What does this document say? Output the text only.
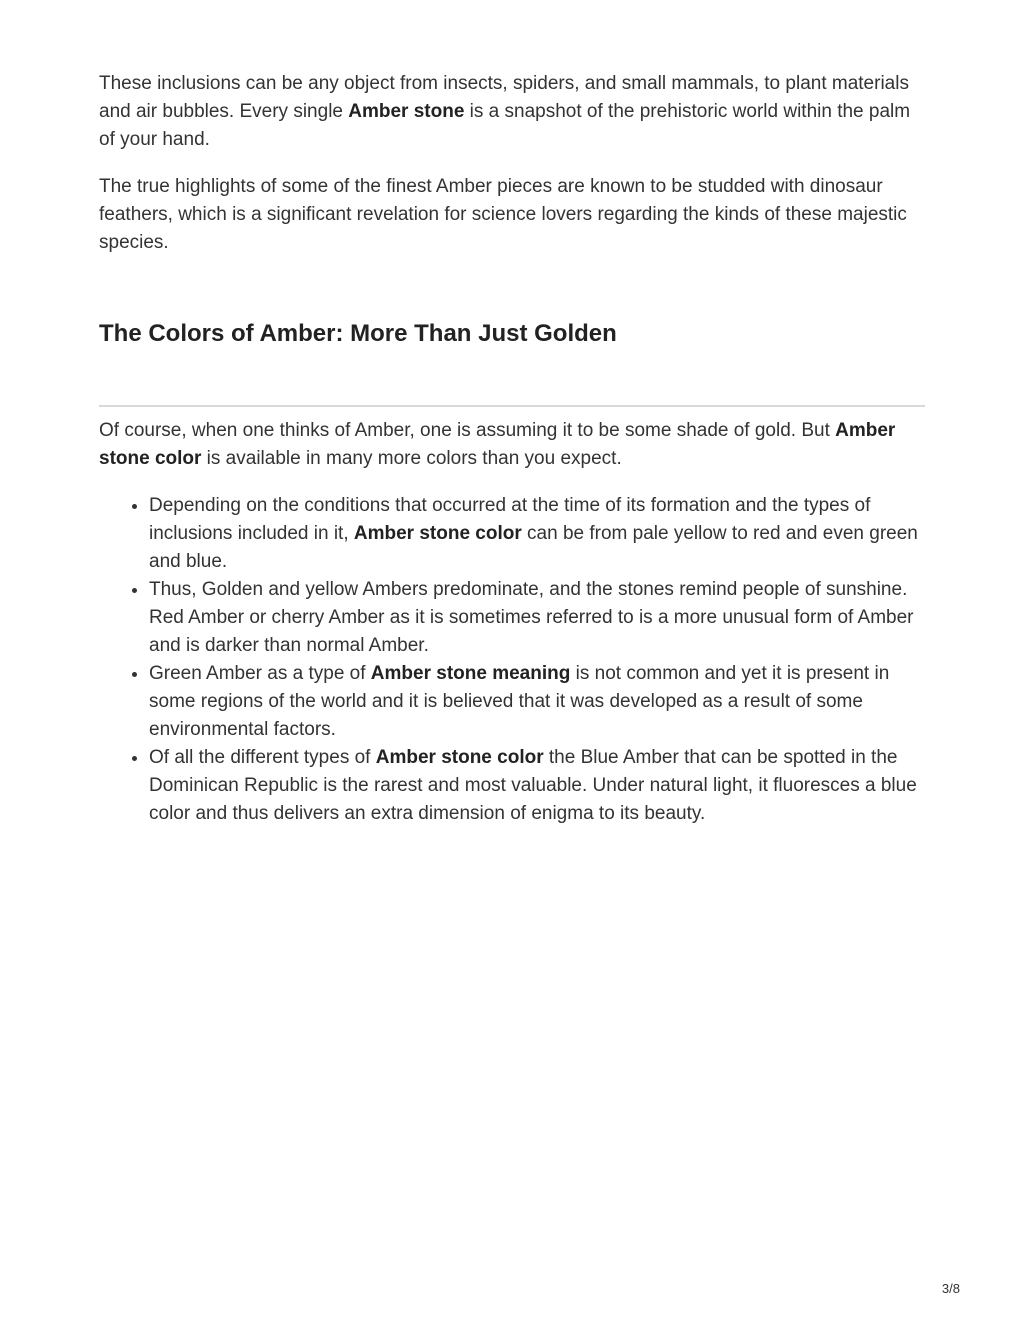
These inclusions can be any object from insects, spiders, and small mammals, to plant materials and air bubbles. Every single Amber stone is a snapshot of the prehistoric world within the palm of your hand.

The true highlights of some of the finest Amber pieces are known to be studded with dinosaur feathers, which is a significant revelation for science lovers regarding the kinds of these majestic species.

The Colors of Amber: More Than Just Golden

Of course, when one thinks of Amber, one is assuming it to be some shade of gold. But Amber stone color is available in many more colors than you expect.

• Depending on the conditions that occurred at the time of its formation and the types of inclusions included in it, Amber stone color can be from pale yellow to red and even green and blue.
• Thus, Golden and yellow Ambers predominate, and the stones remind people of sunshine. Red Amber or cherry Amber as it is sometimes referred to is a more unusual form of Amber and is darker than normal Amber.
• Green Amber as a type of Amber stone meaning is not common and yet it is present in some regions of the world and it is believed that it was developed as a result of some environmental factors.
• Of all the different types of Amber stone color the Blue Amber that can be spotted in the Dominican Republic is the rarest and most valuable. Under natural light, it fluoresces a blue color and thus delivers an extra dimension of enigma to its beauty.
3/8
